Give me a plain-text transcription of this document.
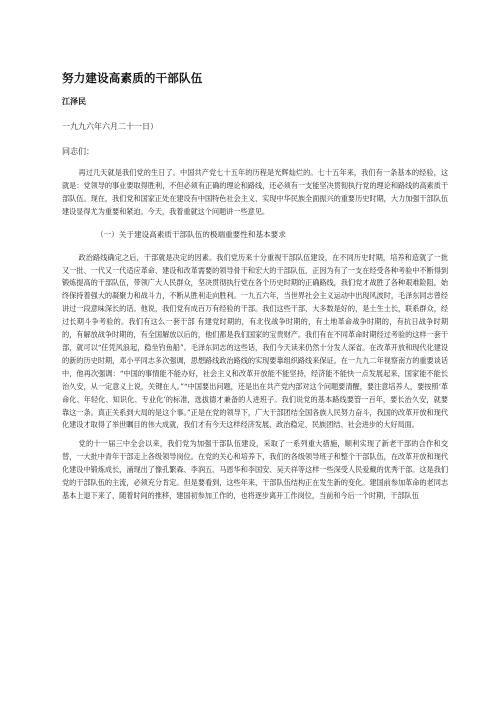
努力建设高素质的干部队伍
江泽民
一九九六年六月二十一日）
同志们：

再过几天就是我们党的生日了。中国共产党七十五年的历程是光辉灿烂的。七十五年来，我们有一条基本的经验，这就是：党领导的事业要取得胜利，不但必须有正确的理论和路线，还必须有一支能坚决贯彻执行党的理论和路线的高素质干部队伍。现在，我们党和国家正处在建设有中国特色社会主义、实现中华民族全面振兴的重要历史时期，大力加强干部队伍建设显得尤为重要和紧迫。今天，我着重就这个问题讲一些意见。

（一）关于建设高素质干部队伍的极端重要性和基本要求

政治路线确定之后，干部就是决定的因素。我们党历来十分重视干部队伍建设，在不同历史时期，培养和造就了一批又一批、一代又一代适应革命、建设和改革需要的领导骨干和宏大的干部队伍，正因为有了一支在经受各种考验中不断得到锻炼提高的干部队伍，带领广大人民群众，坚决贯彻执行党在各个历史时期的正确路线，我们党才战胜了各种艰难险阻，始终保持着强大的凝聚力和战斗力，不断从胜利走向胜利。一九五六年，当世界社会主义运动中出现风波时，毛泽东同志曾经讲过一段意味深长的话。他说，我们党有成百万有经验的干部。我们这些干部，大多数是好的，是土生土长，联系群众，经过长期斗争考验的。我们有这么一套干部 有建党时期的，有北伐战争时期的，有土地革命战争时期的，有抗日战争时期的，有解放战争时期的，有全国解放以后的，他们都是我们国家的宝贵财产。我们有在不同革命时期经过考验的这样一套干部，就可以“任凭风浪起，稳坐钓鱼船”。毛泽东同志的这些话，我们今天读来仍然十分发人深省。在改革开放和现代化建设的新的历史时期，邓小平同志多次强调，思想路线政治路线的实现要靠组织路线来保证。在一九九二年视察南方的重要谈话中，他再次强调：“中国的事情能不能办好，社会主义和改革开放能不能坚持，经济能不能快一点发展起来，国家能不能长治久安，从一定意义上说，关键在人。”“中国要出问题，还是出在共产党内部对这个问题要清醒，要注意培养人，要按照‘革命化、年轻化、知识化、专业化’的标准，选拔德才兼备的人进班子。我们说党的基本路线要管一百年，要长治久安，就要靠这一条。真正关系到大局的是这个事。”正是在党的领导下，广大干部团结全国各族人民努力奋斗，我国的改革开放和现代化建设才取得了举世瞩目的伟大成就，我们才有今天这样经济发展、政治稳定、民族团结、社会进步的大好局面。

党的十一届三中全会以来，我们党为加强干部队伍建设，采取了一系列重大措施，顺利实现了新老干部的合作和交替，一大批中青年干部走上各级领导岗位。在党的关心和培养下，我们的各级领导班子和整个干部队伍，在改革开放和现代化建设中锻炼成长，涌现出了像孔繁森、李润五、马恩华和李国安、吴天祥等这样一些深受人民爱戴的优秀干部。这是我们党的干部队伍的主流，必须充分肯定。但是要看到，这些年来，干部队伍结构正在发生新的变化。建国前参加革命的老同志基本上退下来了，随着时间的推移，建国初参加工作的，也将逐步离开工作岗位，当前和今后一个时期，干部队伍
